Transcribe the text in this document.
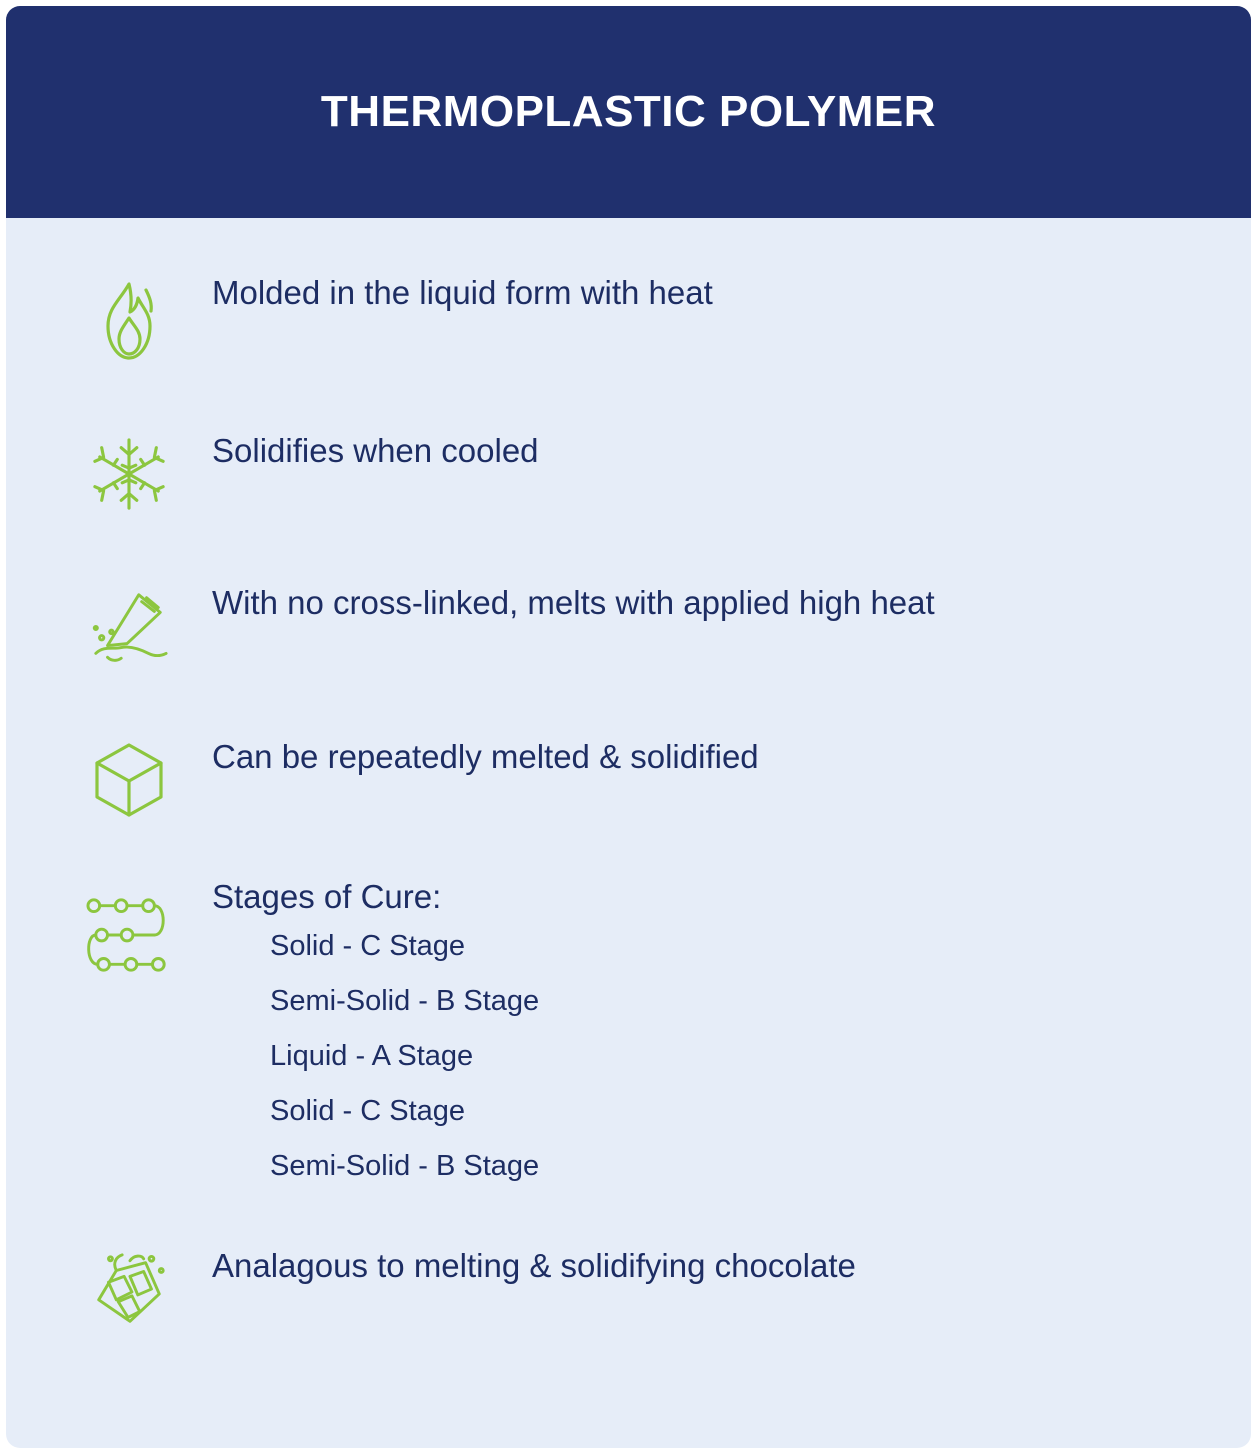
THERMOPLASTIC POLYMER
Molded in the liquid form with heat
Solidifies when cooled
With no cross-linked, melts with applied high heat
Can be repeatedly melted & solidified
Stages of Cure:
Solid - C Stage
Semi-Solid - B Stage
Liquid - A Stage
Solid - C Stage
Semi-Solid - B Stage
Analagous to melting & solidifying chocolate
